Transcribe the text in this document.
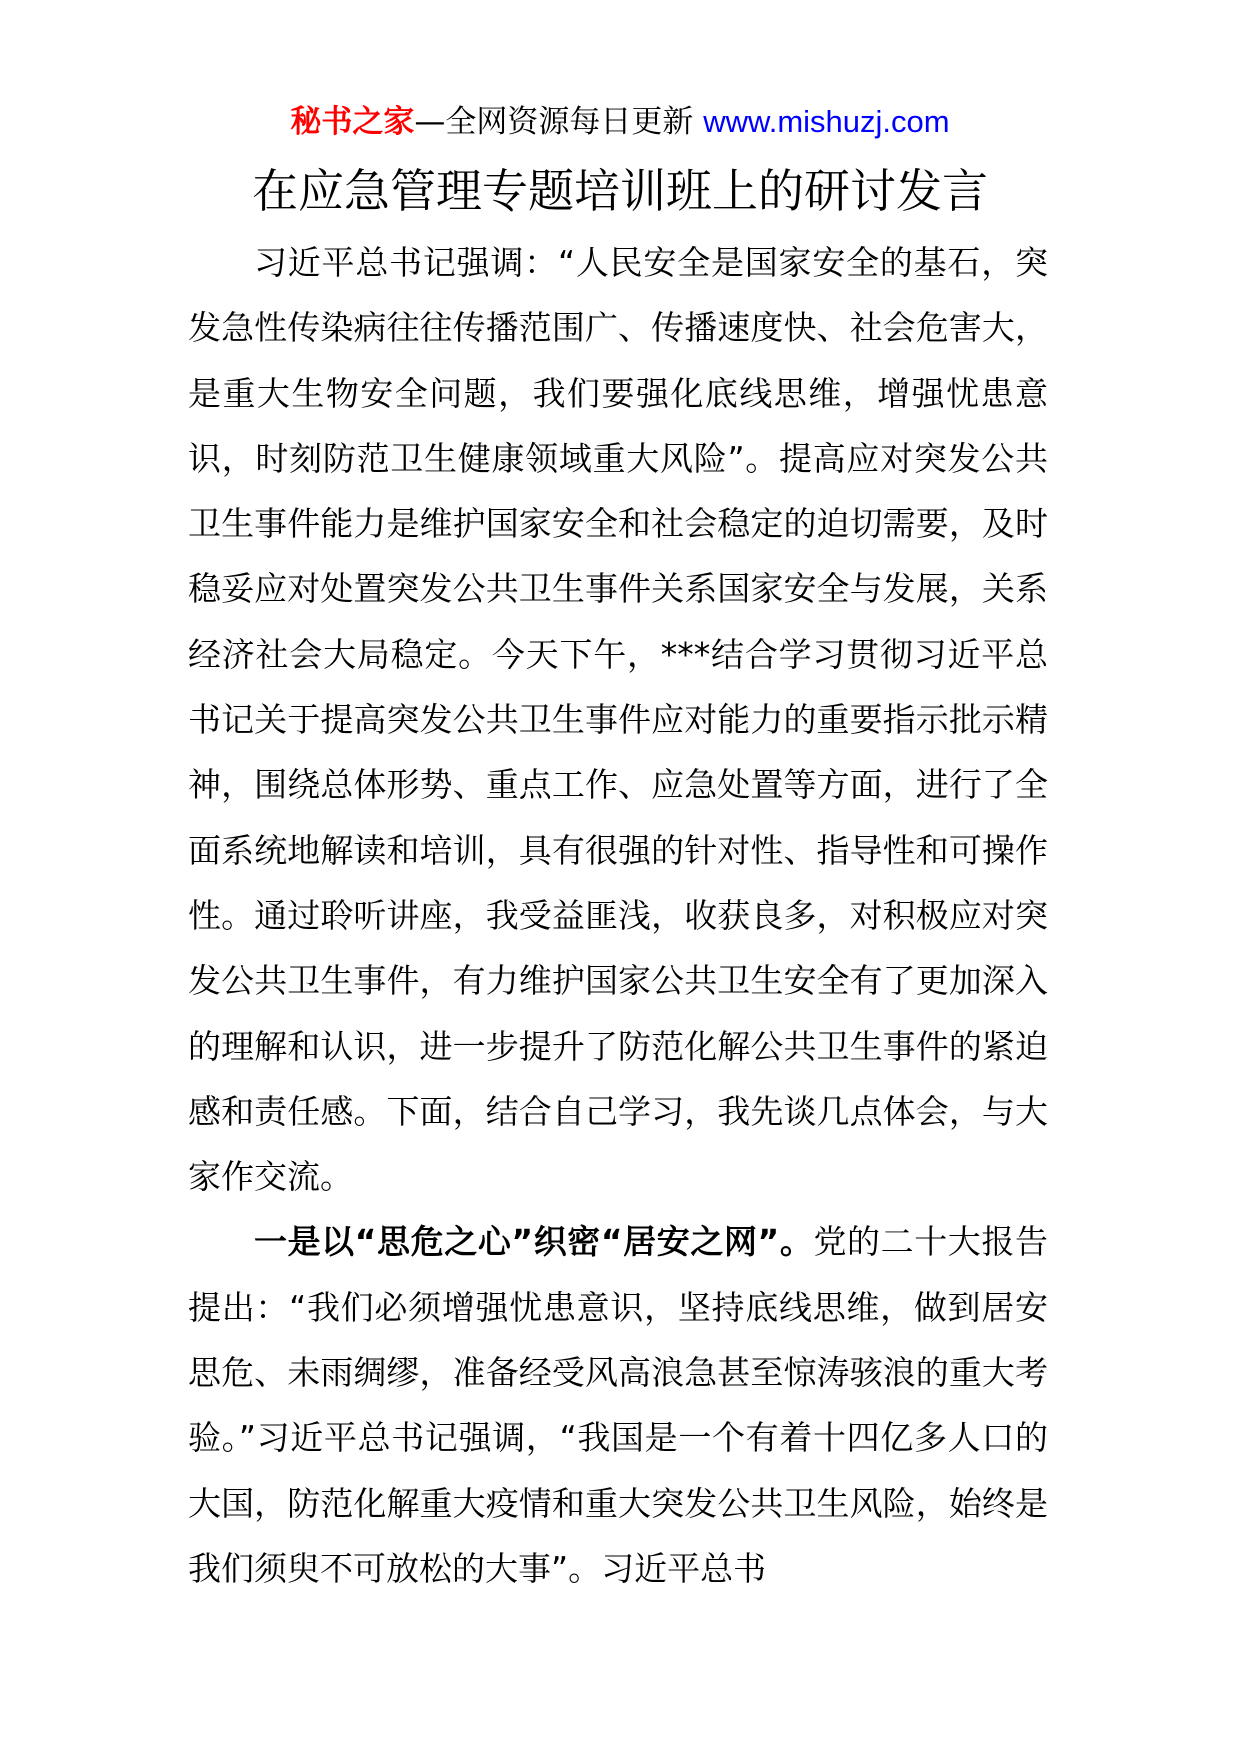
秘书之家—全网资源每日更新 www.mishuzj.com
在应急管理专题培训班上的研讨发言

习近平总书记强调：“人民安全是国家安全的基石，突发急性传染病往往传播范围广、传播速度快、社会危害大，是重大生物安全问题，我们要强化底线思维，增强忧患意识，时刻防范卫生健康领域重大风险”。提高应对突发公共卫生事件能力是维护国家安全和社会稳定的迫切需要，及时稳妥应对处置突发公共卫生事件关系国家安全与发展，关系经济社会大局稳定。今天下午，***结合学习贯彻习近平总书记关于提高突发公共卫生事件应对能力的重要指示批示精神，围绕总体形势、重点工作、应急处置等方面，进行了全面系统地解读和培训，具有很强的针对性、指导性和可操作性。通过聆听讲座，我受益匪浅，收获良多，对积极应对突发公共卫生事件，有力维护国家公共卫生安全有了更加深入的理解和认识，进一步提升了防范化解公共卫生事件的紧迫感和责任感。下面，结合自己学习，我先谈几点体会，与大家作交流。

一是以“思危之心”织密“居安之网”。党的二十大报告提出：“我们必须增强忧患意识，坚持底线思维，做到居安思危、未雨绸缪，准备经受风高浪急甚至惊涛骇浪的重大考验。”习近平总书记强调，“我国是一个有着十四亿多人口的大国，防范化解重大疫情和重大突发公共卫生风险，始终是我们须臾不可放松的大事”。习近平总书
